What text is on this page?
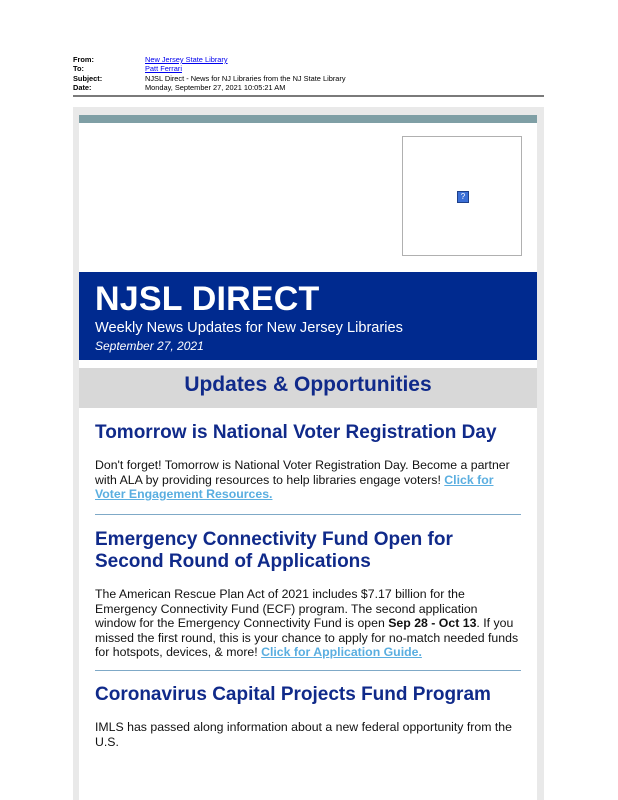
From:	New Jersey State Library
To:	Patt Ferrari
Subject:	NJSL Direct - News for NJ Libraries from the NJ State Library
Date:	Monday, September 27, 2021 10:05:21 AM
?
NJSL DIRECT
Weekly News Updates for New Jersey Libraries
September 27, 2021
Updates & Opportunities

Tomorrow is National Voter Registration Day

Don't forget! Tomorrow is National Voter Registration Day. Become a partner with ALA by providing resources to help libraries engage voters! Click for Voter Engagement Resources.

Emergency Connectivity Fund Open for Second Round of Applications

The American Rescue Plan Act of 2021 includes $7.17 billion for the Emergency Connectivity Fund (ECF) program. The second application window for the Emergency Connectivity Fund is open Sep 28 - Oct 13. If you missed the first round, this is your chance to apply for no-match needed funds for hotspots, devices, & more! Click for Application Guide.

Coronavirus Capital Projects Fund Program

IMLS has passed along information about a new federal opportunity from the U.S.
